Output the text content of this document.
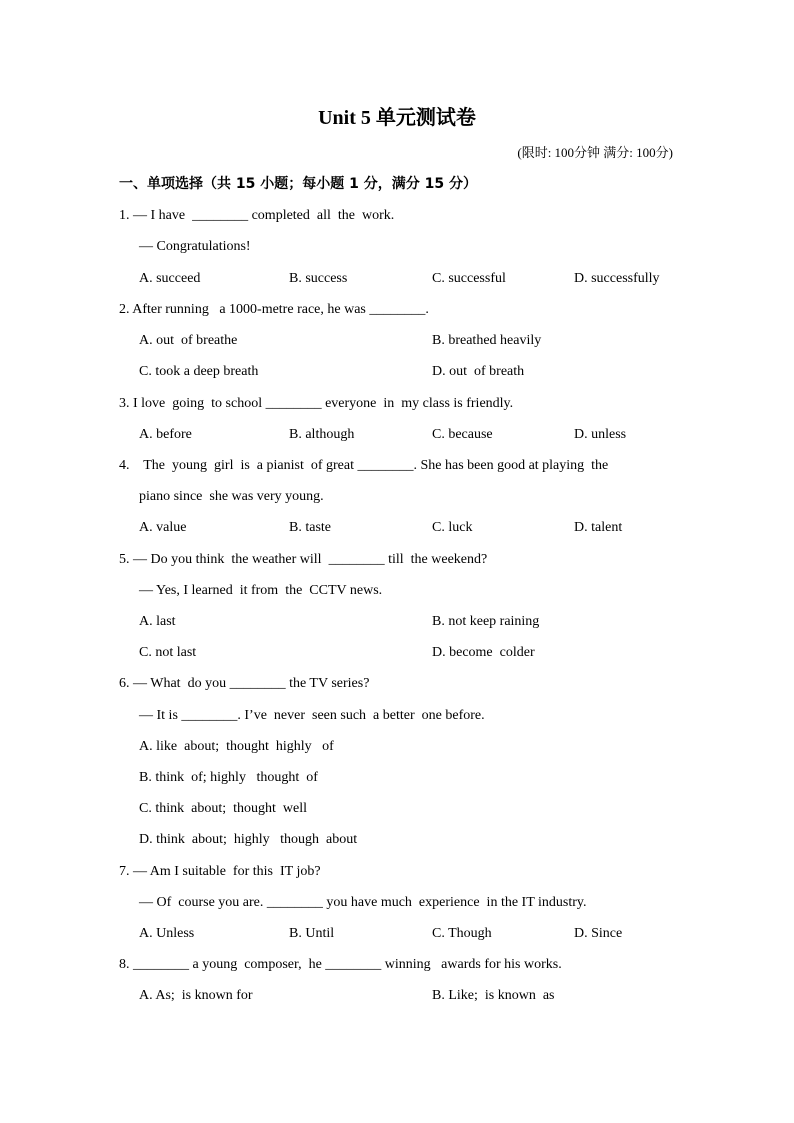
Unit 5 单元测试卷
(限时: 100分钟 满分: 100分)
一、单项选择（共 15 小题；每小题 1 分，满分 15 分）
1. — I have  ________ completed  all  the  work.
— Congratulations!
A. succeed	B. success	C. successful	D. successfully
2. After running   a 1000-metre race, he was ________.
A. out  of breathe	B. breathed heavily
C. took a deep breath	D. out  of breath
3. I love  going  to school ________ everyone  in  my class is friendly.
A. before	B. although	C. because	D. unless
4.    The  young  girl  is  a pianist  of great ________. She has been good at playing  the
piano since  she was very young.
A. value	B. taste	C. luck	D. talent
5. — Do you think  the weather will  ________ till  the weekend?
— Yes, I learned  it from  the  CCTV news.
A. last	B. not keep raining
C. not last	D. become  colder
6. — What  do you ________ the TV series?
— It is ________. I’ve  never  seen such  a better  one before.
A. like  about;  thought  highly   of
B. think  of; highly   thought  of
C. think  about;  thought  well
D. think  about;  highly   though  about
7. — Am I suitable  for this  IT job?
— Of  course you are. ________ you have much  experience  in the IT industry.
A. Unless	B. Until	C. Though	D. Since
8. ________ a young  composer,  he ________ winning   awards for his works.
A. As;  is known for	B. Like;  is known  as
